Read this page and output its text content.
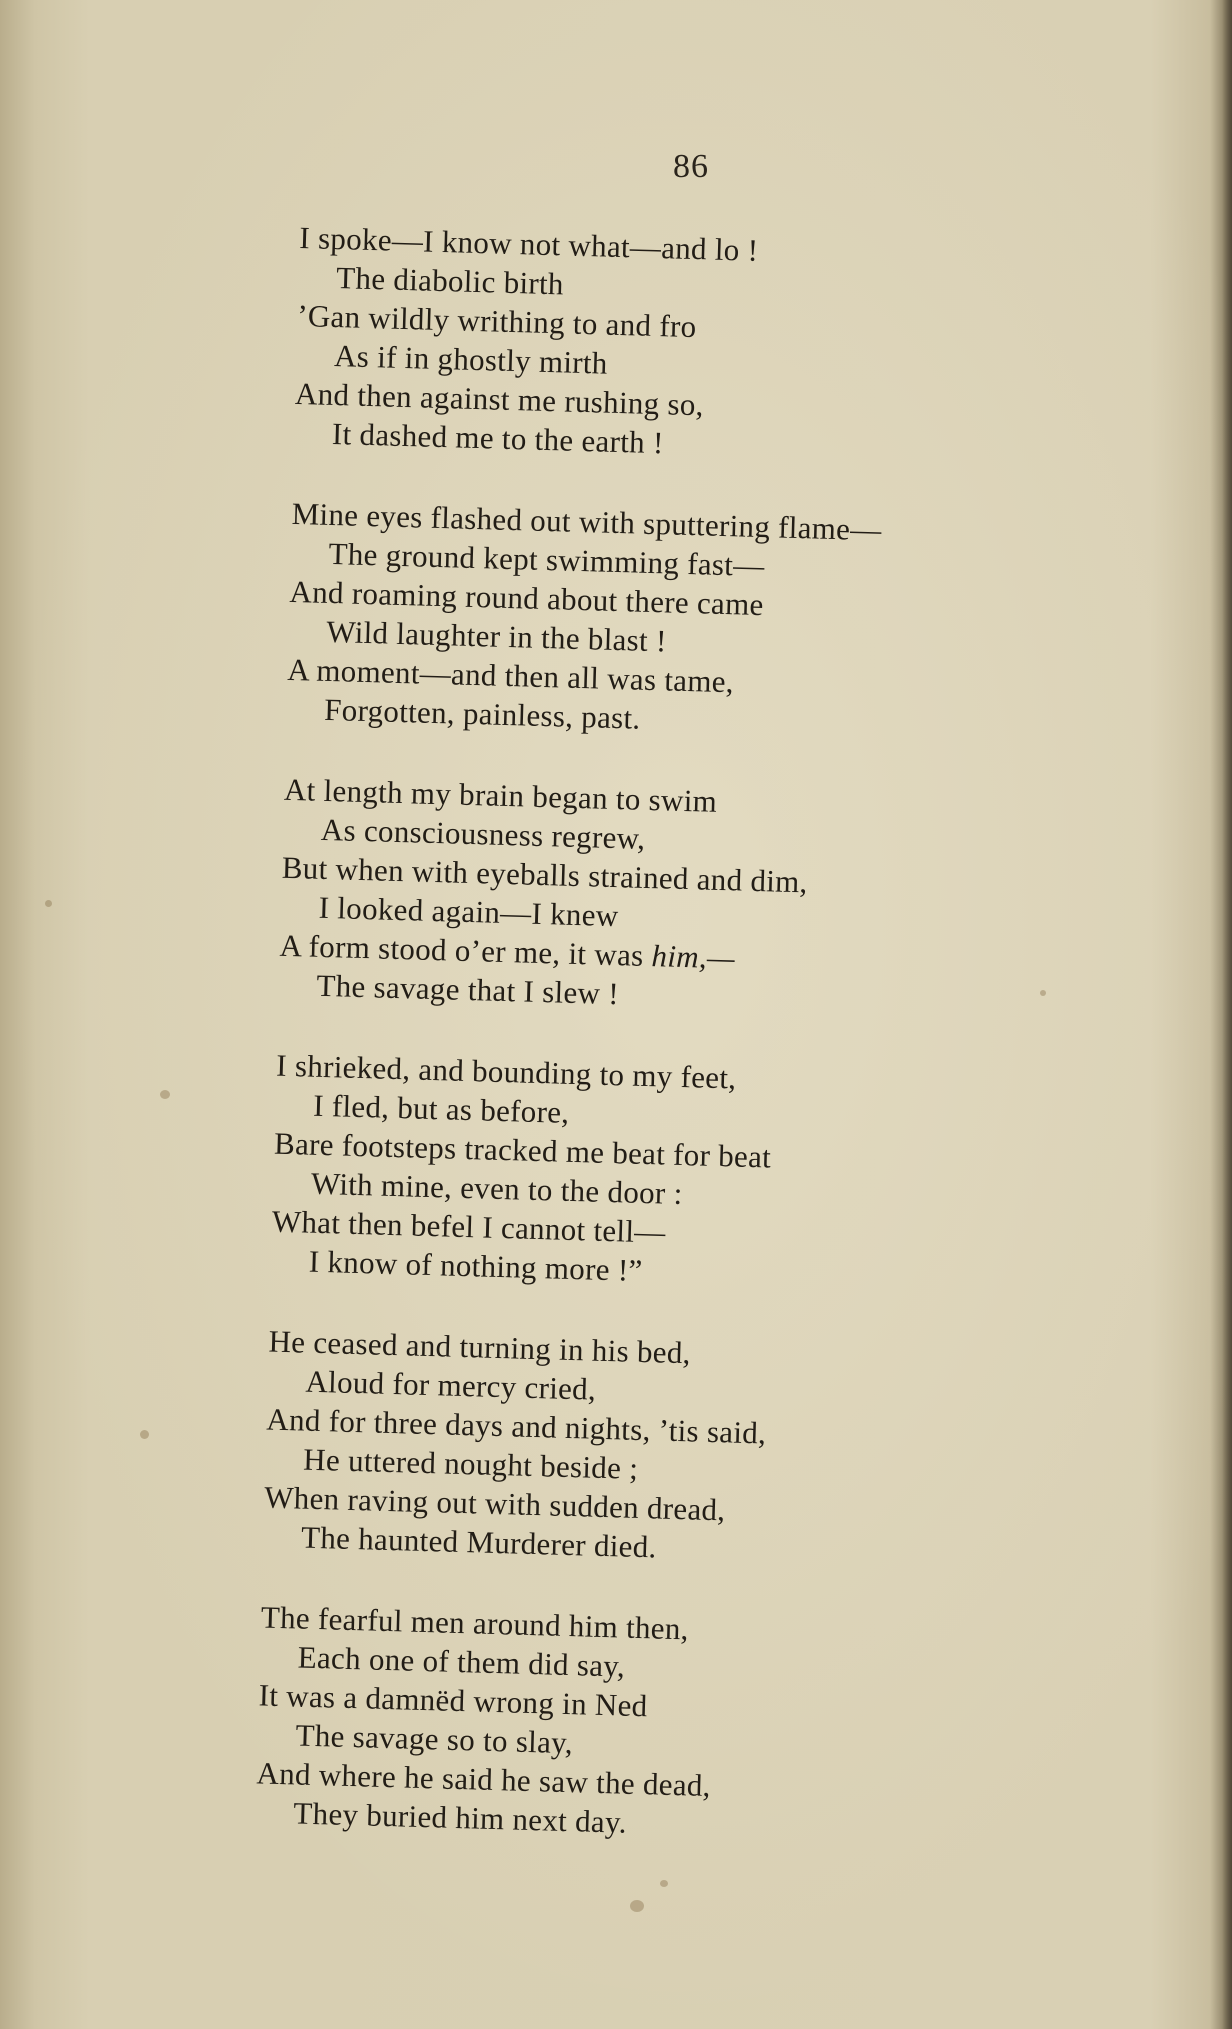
86
I spoke—I know not what—and lo !
The diabolic birth
’Gan wildly writhing to and fro
As if in ghostly mirth
And then against me rushing so,
It dashed me to the earth !
Mine eyes flashed out with sputtering flame—
The ground kept swimming fast—
And roaming round about there came
Wild laughter in the blast !
A moment—and then all was tame,
Forgotten, painless, past.
At length my brain began to swim
As consciousness regrew,
But when with eyeballs strained and dim,
I looked again—I knew
A form stood o’er me, it was him,—
The savage that I slew !
I shrieked, and bounding to my feet,
I fled, but as before,
Bare footsteps tracked me beat for beat
With mine, even to the door :
What then befel I cannot tell—
I know of nothing more !”
He ceased and turning in his bed,
Aloud for mercy cried,
And for three days and nights, ’tis said,
He uttered nought beside ;
When raving out with sudden dread,
The haunted Murderer died.
The fearful men around him then,
Each one of them did say,
It was a damnëd wrong in Ned
The savage so to slay,
And where he said he saw the dead,
They buried him next day.
